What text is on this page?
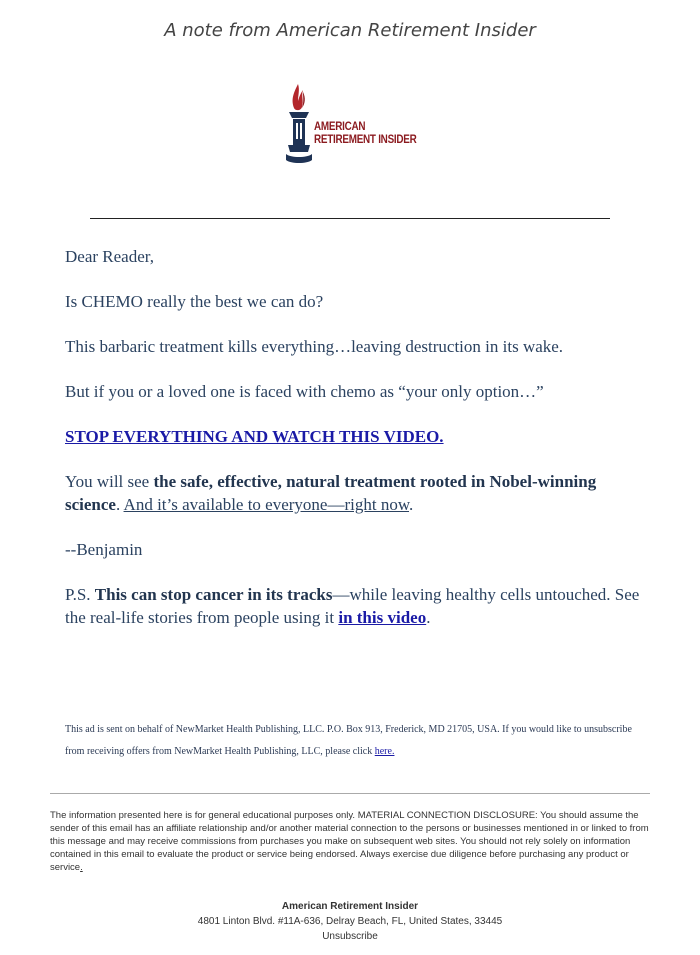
A note from American Retirement Insider
AMERICAN
RETIREMENT INSIDER

Dear Reader,

Is CHEMO really the best we can do?

This barbaric treatment kills everything…leaving destruction in its wake.

But if you or a loved one is faced with chemo as “your only option…”

STOP EVERYTHING AND WATCH THIS VIDEO.

You will see the safe, effective, natural treatment rooted in Nobel-winning science. And it’s available to everyone—right now.

--Benjamin

P.S. This can stop cancer in its tracks—while leaving healthy cells untouched. See the real-life stories from people using it in this video.

This ad is sent on behalf of NewMarket Health Publishing, LLC. P.O. Box 913, Frederick, MD 21705, USA. If you would like to unsubscribe from receiving offers from NewMarket Health Publishing, LLC, please click here.
The information presented here is for general educational purposes only. MATERIAL CONNECTION DISCLOSURE: You should assume the sender of this email has an affiliate relationship and/or another material connection to the persons or businesses mentioned in or linked to from this message and may receive commissions from purchases you make on subsequent web sites. You should not rely solely on information contained in this email to evaluate the product or service being endorsed. Always exercise due diligence before purchasing any product or service.
American Retirement Insider
4801 Linton Blvd. #11A-636, Delray Beach, FL, United States, 33445
Unsubscribe
